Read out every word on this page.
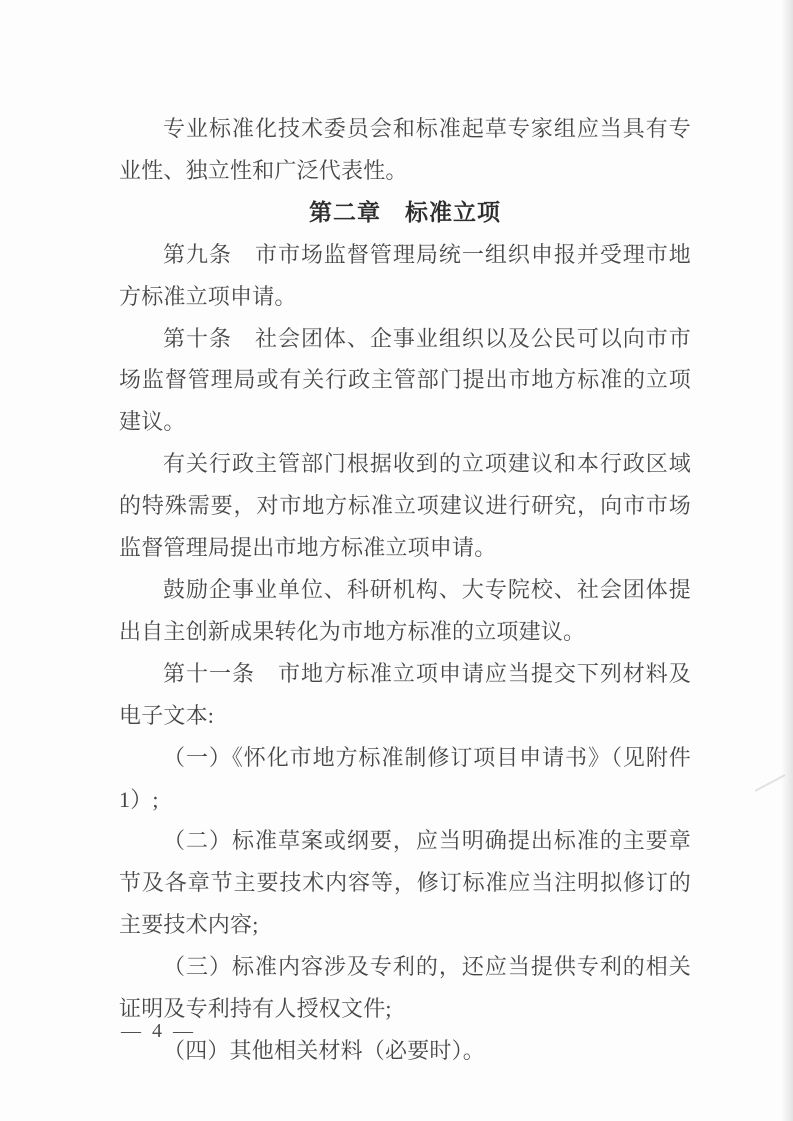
专业标准化技术委员会和标准起草专家组应当具有专业性、独立性和广泛代表性。

第二章　标准立项

第九条　市市场监督管理局统一组织申报并受理市地方标准立项申请。

第十条　社会团体、企事业组织以及公民可以向市市场监督管理局或有关行政主管部门提出市地方标准的立项建议。

有关行政主管部门根据收到的立项建议和本行政区域的特殊需要，对市地方标准立项建议进行研究，向市市场监督管理局提出市地方标准立项申请。

鼓励企事业单位、科研机构、大专院校、社会团体提出自主创新成果转化为市地方标准的立项建议。

第十一条　市地方标准立项申请应当提交下列材料及电子文本:

（一）《怀化市地方标准制修订项目申请书》（见附件 1）;

（二）标准草案或纲要，应当明确提出标准的主要章节及各章节主要技术内容等，修订标准应当注明拟修订的主要技术内容;

（三）标准内容涉及专利的，还应当提供专利的相关证明及专利持有人授权文件;

（四）其他相关材料（必要时）。

— 4 —
